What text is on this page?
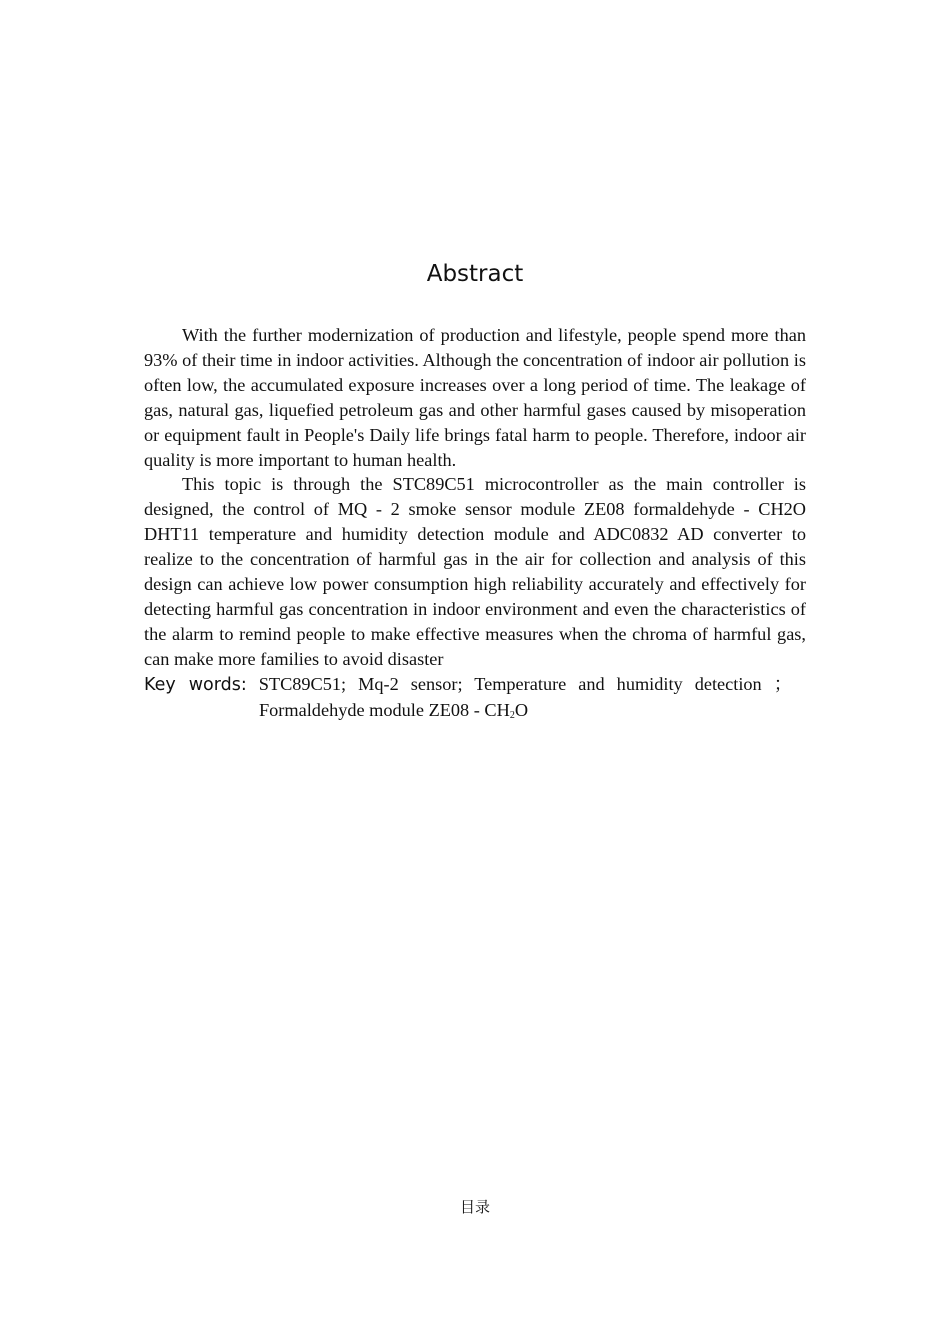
Abstract

With the further modernization of production and lifestyle, people spend more than 93% of their time in indoor activities. Although the concentration of indoor air pollution is often low, the accumulated exposure increases over a long period of time. The leakage of gas, natural gas, liquefied petroleum gas and other harmful gases caused by misoperation or equipment fault in People's Daily life brings fatal harm to people. Therefore, indoor air quality is more important to human health.

This topic is through the STC89C51 microcontroller as the main controller is designed, the control of MQ - 2 smoke sensor module ZE08 formaldehyde - CH2O DHT11 temperature and humidity detection module and ADC0832 AD converter to realize to the concentration of harmful gas in the air for collection and analysis of this design can achieve low power consumption high reliability accurately and effectively for detecting harmful gas concentration in indoor environment and even the characteristics of the alarm to remind people to make effective measures when the chroma of harmful gas, can make more families to avoid disaster

Key words: STC89C51; Mq-2 sensor; Temperature and humidity detection ；

Formaldehyde module $ZE08 - CH_2O$

目录
